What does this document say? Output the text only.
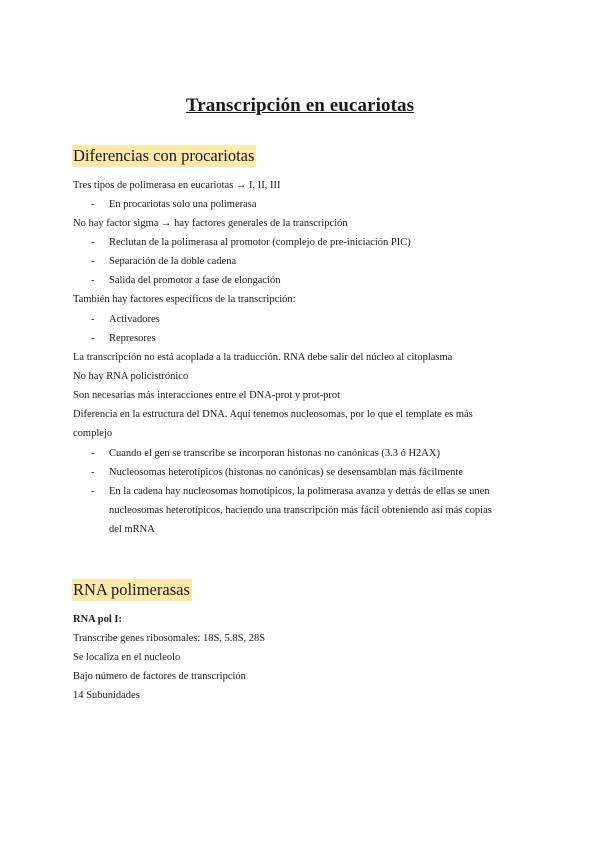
Transcripción en eucariotas
Diferencias con procariotas
Tres tipos de polimerasa en eucariotas → I, II, III
- En procariotas solo una polimerasa
No hay factor sigma → hay factores generales de la transcripción
- Reclutan de la polimerasa al promotor (complejo de pre-iniciación PIC)
- Separación de la doble cadena
- Salida del promotor a fase de elongación
También hay factores específicos de la transcripción:
- Activadores
- Represores
La transcripción no está acoplada a la traducción. RNA debe salir del núcleo al citoplasma
No hay RNA policistrónico
Son necesarias más interacciones entre el DNA-prot y prot-prot
Diferencia en la estructura del DNA. Aquí tenemos nucleosomas, por lo que el template es más
complejo
- Cuando el gen se transcribe se incorporan histonas no canónicas (3.3 ó H2AX)
- Nucleosomas heterotípicos (histonas no canónicas) se desensamblan más fácilmente
- En la cadena hay nucleosomas homotípicos, la polimerasa avanza y detrás de ellas se unen
nucleosomas heterotípicos, haciendo una transcripción más fácil obteniendo así más copias
del mRNA
RNA polimerasas
RNA pol I:
Transcribe genes ribosomales: 18S, 5.8S, 28S
Se localiza en el nucleolo
Bajo número de factores de transcripción
14 Subunidades
